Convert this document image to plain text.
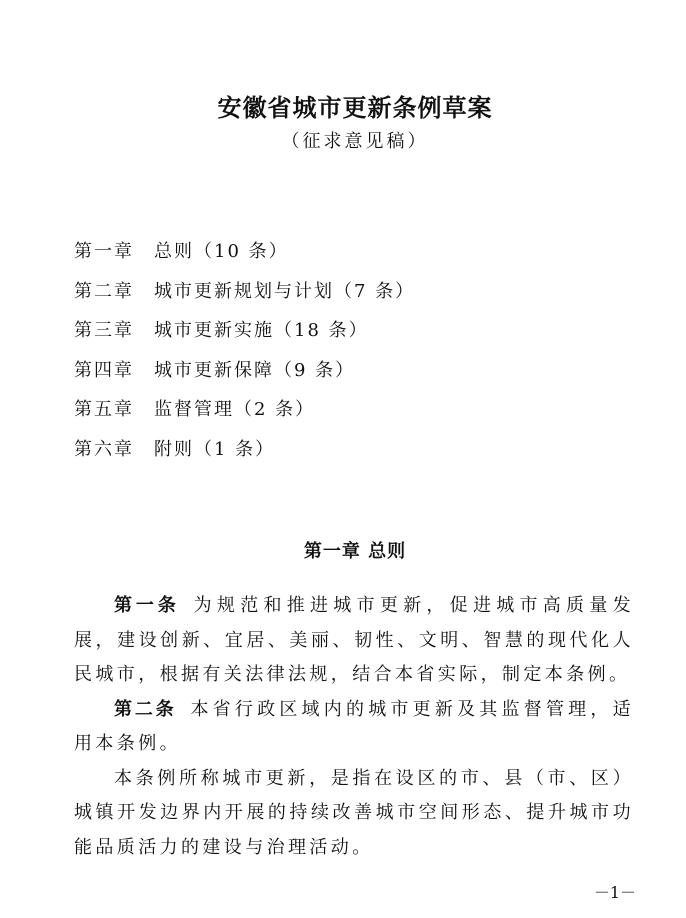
安徽省城市更新条例草案
（征求意见稿）
第一章 总则（10 条）
第二章 城市更新规划与计划（7 条）
第三章 城市更新实施（18 条）
第四章 城市更新保障（9 条）
第五章 监督管理（2 条）
第六章 附则（1 条）
第一章 总则

第一条 为规范和推进城市更新，促进城市高质量发展，建设创新、宜居、美丽、韧性、文明、智慧的现代化人民城市，根据有关法律法规，结合本省实际，制定本条例。

第二条 本省行政区域内的城市更新及其监督管理，适用本条例。

本条例所称城市更新，是指在设区的市、县（市、区）城镇开发边界内开展的持续改善城市空间形态、提升城市功能品质活力的建设与治理活动。

－1－
